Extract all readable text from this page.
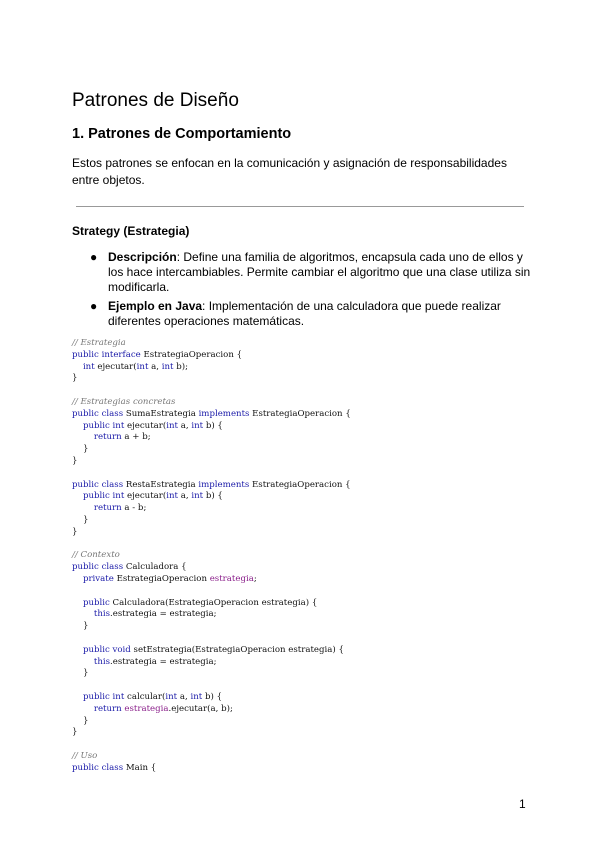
Patrones de Diseño
1. Patrones de Comportamiento

Estos patrones se enfocan en la comunicación y asignación de responsabilidades entre objetos.

Strategy (Estrategia)
● Descripción: Define una familia de algoritmos, encapsula cada uno de ellos y los hace intercambiables. Permite cambiar el algoritmo que una clase utiliza sin modificarla.
● Ejemplo en Java: Implementación de una calculadora que puede realizar diferentes operaciones matemáticas.
// Estrategia
public interface EstrategiaOperacion {
int ejecutar(int a, int b);
}

// Estrategias concretas
public class SumaEstrategia implements EstrategiaOperacion {
public int ejecutar(int a, int b) {
return a + b;
}
}

public class RestaEstrategia implements EstrategiaOperacion {
public int ejecutar(int a, int b) {
return a - b;
}
}

// Contexto
public class Calculadora {
private EstrategiaOperacion estrategia;

public Calculadora(EstrategiaOperacion estrategia) {
this.estrategia = estrategia;
}

public void setEstrategia(EstrategiaOperacion estrategia) {
this.estrategia = estrategia;
}

public int calcular(int a, int b) {
return estrategia.ejecutar(a, b);
}
}

// Uso
public class Main {
1
